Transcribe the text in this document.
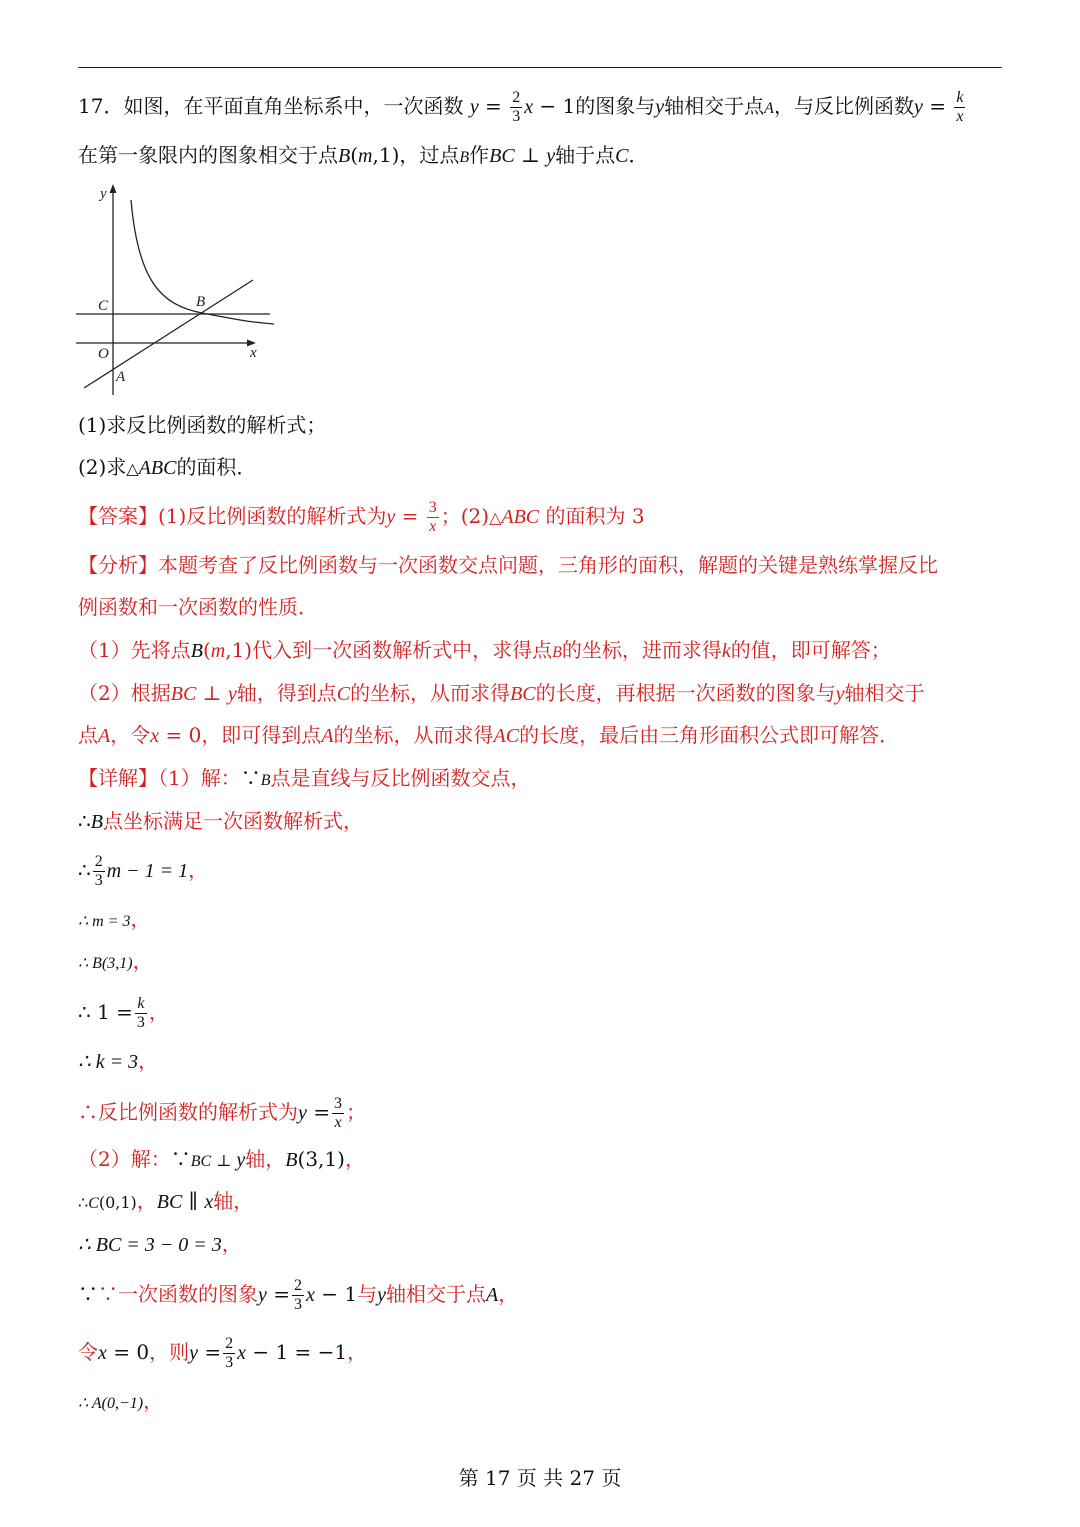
17．如图，在平面直角坐标系中，一次函数 $y = \frac{2}{3}$ x − 1的图象与y轴相交于点A，与反比例函数$y = \frac{k}{x}$
在第一象限内的图象相交于点B(m,1)，过点B作BC ⊥ y轴于点C．
y
C	B
O	x
A
(1)求反比例函数的解析式；
(2)求△ABC的面积．
【答案】(1)反比例函数的解析式为$y = \frac{3}{x}$ ；(2)△ABC 的面积为 3
【分析】本题考查了反比例函数与一次函数交点问题，三角形的面积，解题的关键是熟练掌握反比
例函数和一次函数的性质．
（1）先将点B(m,1)代入到一次函数解析式中，求得点B的坐标，进而求得k的值，即可解答；
（2）根据BC ⊥ y轴，得到点C的坐标，从而求得BC的长度，再根据一次函数的图象与y轴相交于
点A，令x = 0，即可得到点A的坐标，从而求得AC的长度，最后由三角形面积公式即可解答．
【详解】（1）解：∵B点是直线与反比例函数交点，
∴B点坐标满足一次函数解析式，
∴ $\frac{2}{3}$ m − 1 = 1，
∴ m = 3，
∴ B(3,1)，
∴ $1 = \frac{k}{3}$ ，
∴ k = 3，
∴反比例函数的解析式为$y = \frac{3}{x}$ ；
（2）解：∵BC ⊥ y轴，B(3,1)，
∴C(0,1)，BC ∥ x轴，
∴ BC = 3 − 0 = 3，
∵∵一次函数的图象$y = \frac{2}{3}$ x − 1与y轴相交于点A，
令x = 0，则$y = \frac{2}{3}$ x − 1 = −1，
∴ A(0,−1)，
第 17 页 共 27 页
